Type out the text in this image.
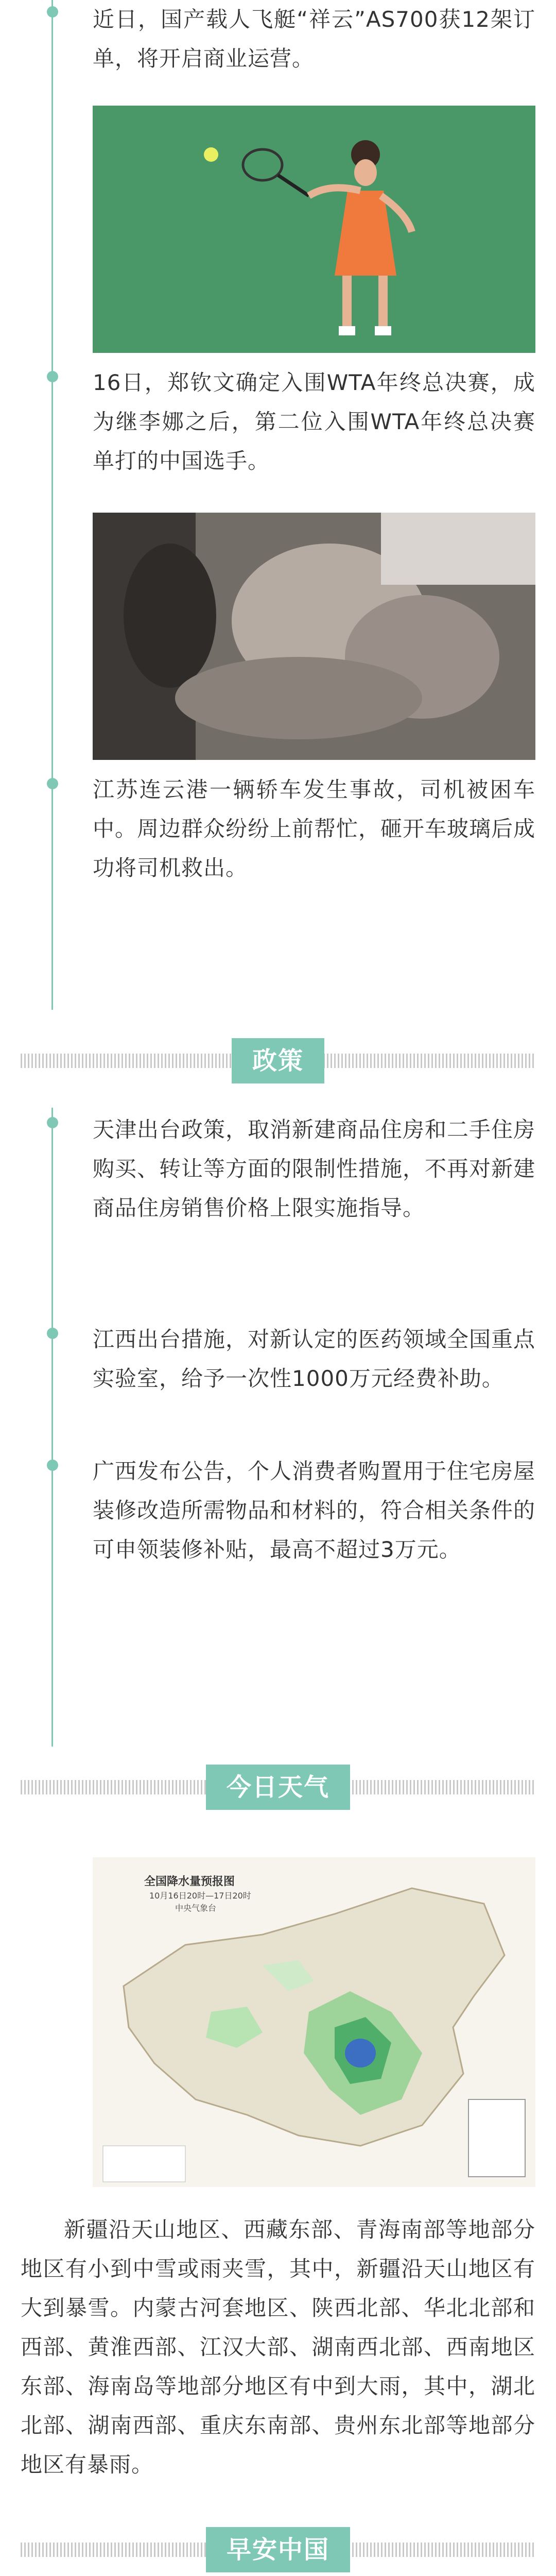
近日，国产载人飞艇“祥云”AS700获12架订单，将开启商业运营。
16日，郑钦文确定入围WTA年终总决赛，成为继李娜之后，第二位入围WTA年终总决赛单打的中国选手。
江苏连云港一辆轿车发生事故，司机被困车中。周边群众纷纷上前帮忙，砸开车玻璃后成功将司机救出。
政策
天津出台政策，取消新建商品住房和二手住房购买、转让等方面的限制性措施，不再对新建商品住房销售价格上限实施指导。
江西出台措施，对新认定的医药领域全国重点实验室，给予一次性1000万元经费补助。
广西发布公告，个人消费者购置用于住宅房屋装修改造所需物品和材料的，符合相关条件的可申领装修补贴，最高不超过3万元。
今日天气
全国降水量预报图
10月16日20时—17日20时
中央气象台
新疆沿天山地区、西藏东部、青海南部等地部分地区有小到中雪或雨夹雪，其中，新疆沿天山地区有大到暴雪。内蒙古河套地区、陕西北部、华北北部和西部、黄淮西部、江汉大部、湖南西北部、西南地区东部、海南岛等地部分地区有中到大雨，其中，湖北北部、湖南西部、重庆东南部、贵州东北部等地部分地区有暴雨。
早安中国
